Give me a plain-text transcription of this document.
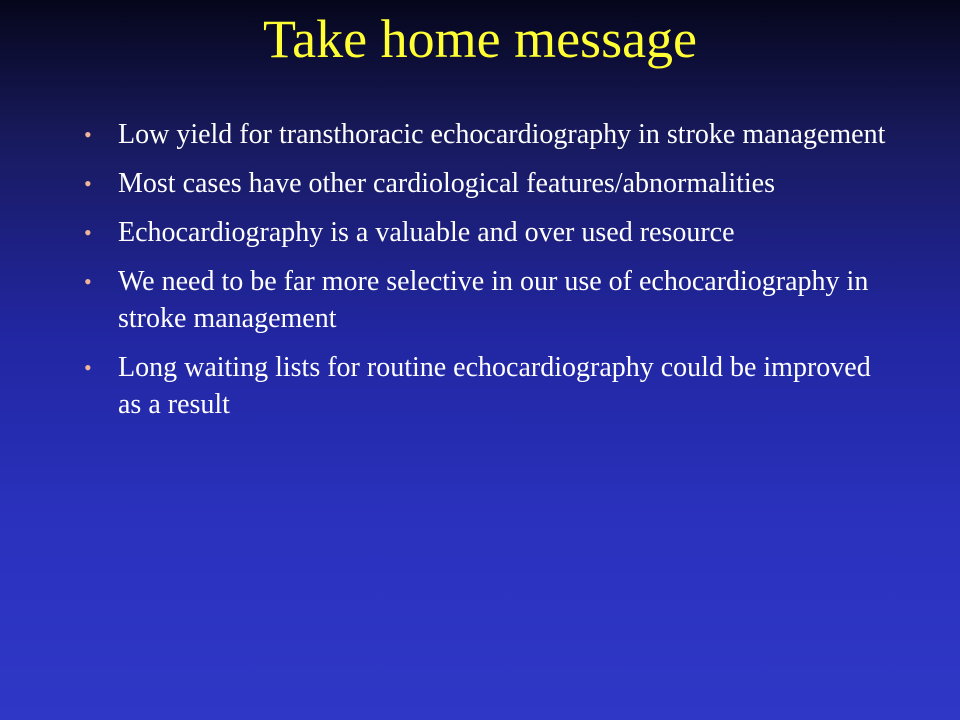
Take home message
• Low yield for transthoracic echocardiography in stroke management
• Most cases have other cardiological features/abnormalities
• Echocardiography is a valuable and over used resource
• We need to be far more selective in our use of echocardiography in stroke management
• Long waiting lists for routine echocardiography could be improved as a result
